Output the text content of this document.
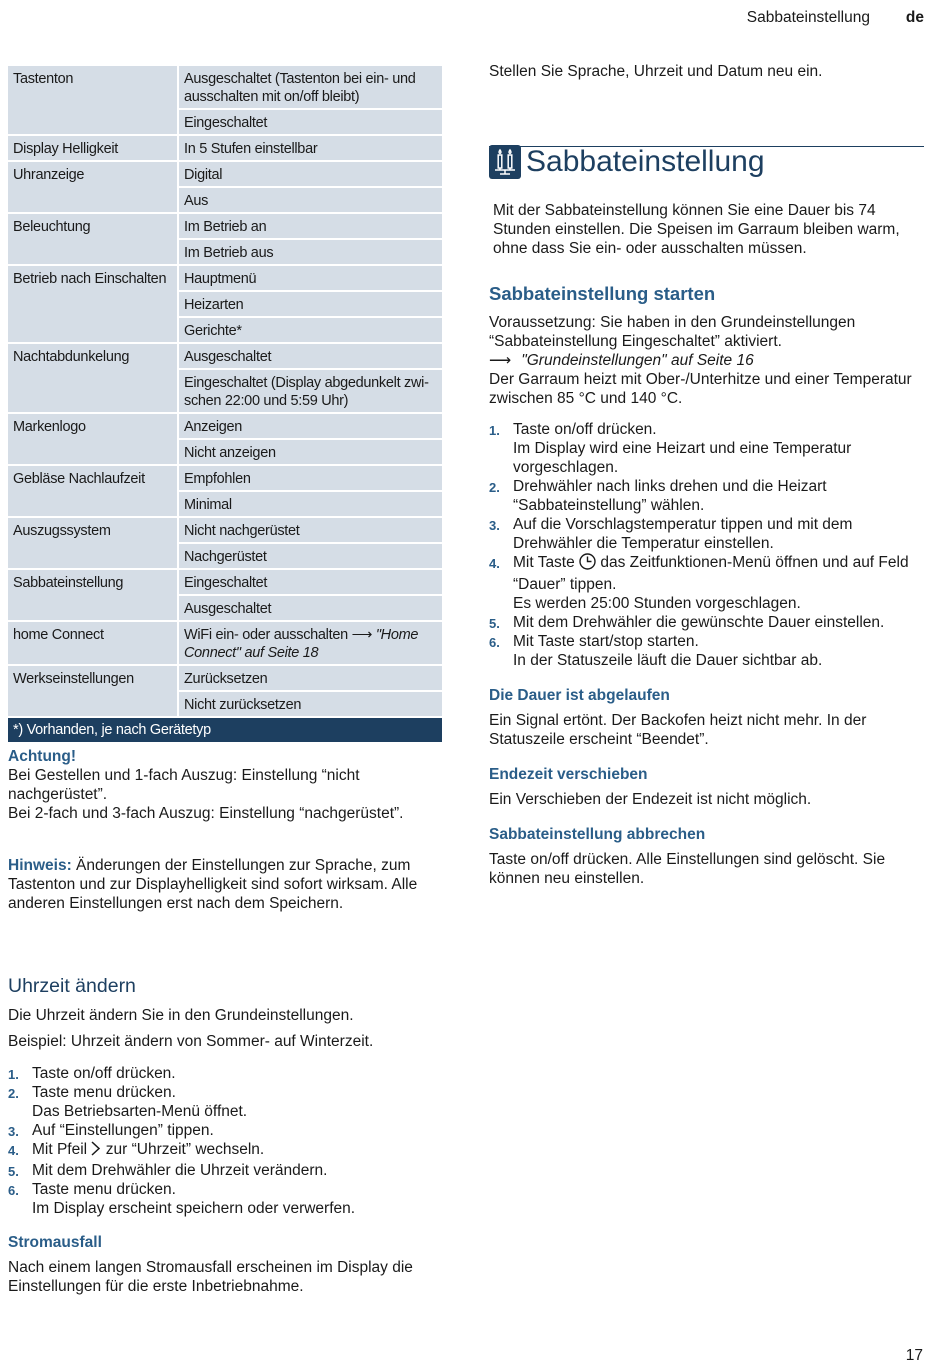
Sabbateinstellung de
Tastenton	Ausgeschaltet (Tastenton bei ein- und ausschalten mit on/off bleibt)
Eingeschaltet
Display Helligkeit	In 5 Stufen einstellbar
Uhranzeige	Digital
Aus
Beleuchtung	Im Betrieb an
Im Betrieb aus
Betrieb nach Einschalten	Hauptmenü
Heizarten
Gerichte*
Nachtabdunkelung	Ausgeschaltet
Eingeschaltet (Display abgedunkelt zwi-schen 22:00 und 5:59 Uhr)
Markenlogo	Anzeigen
Nicht anzeigen
Gebläse Nachlaufzeit	Empfohlen
Minimal
Auszugssystem	Nicht nachgerüstet
Nachgerüstet
Sabbateinstellung	Eingeschaltet
Ausgeschaltet
home Connect	WiFi ein- oder ausschalten ⟶ "Home Connect" auf Seite 18
Werkseinstellungen	Zurücksetzen
Nicht zurücksetzen
*) Vorhanden, je nach Gerätetyp
Achtung!
Bei Gestellen und 1-fach Auszug: Einstellung “nicht nachgerüstet”.
Bei 2-fach und 3-fach Auszug: Einstellung “nachgerüstet”.
Hinweis: Änderungen der Einstellungen zur Sprache, zum Tastenton und zur Displayhelligkeit sind sofort wirksam. Alle anderen Einstellungen erst nach dem Speichern.
Uhrzeit ändern
Die Uhrzeit ändern Sie in den Grundeinstellungen.
Beispiel: Uhrzeit ändern von Sommer- auf Winterzeit.
1. Taste on/off drücken.
2. Taste menu drücken.
Das Betriebsarten-Menü öffnet.
3. Auf “Einstellungen” tippen.
4. Mit Pfeil zur “Uhrzeit” wechseln.
5. Mit dem Drehwähler die Uhrzeit verändern.
6. Taste menu drücken.
Im Display erscheint speichern oder verwerfen.
Stromausfall
Nach einem langen Stromausfall erscheinen im Display die Einstellungen für die erste Inbetriebnahme.
Stellen Sie Sprache, Uhrzeit und Datum neu ein.
Sabbateinstellung
Mit der Sabbateinstellung können Sie eine Dauer bis 74 Stunden einstellen. Die Speisen im Garraum bleiben warm, ohne dass Sie ein- oder ausschalten müssen.
Sabbateinstellung starten
Voraussetzung: Sie haben in den Grundeinstellungen “Sabbateinstellung Eingeschaltet” aktiviert.
⟶ "Grundeinstellungen" auf Seite 16
Der Garraum heizt mit Ober-/Unterhitze und einer Temperatur zwischen 85 °C und 140 °C.
1. Taste on/off drücken.
Im Display wird eine Heizart und eine Temperatur vorgeschlagen.
2. Drehwähler nach links drehen und die Heizart “Sabbateinstellung” wählen.
3. Auf die Vorschlagstemperatur tippen und mit dem Drehwähler die Temperatur einstellen.
4. Mit Taste das Zeitfunktionen-Menü öffnen und auf Feld “Dauer” tippen.
Es werden 25:00 Stunden vorgeschlagen.
5. Mit dem Drehwähler die gewünschte Dauer einstellen.
6. Mit Taste start/stop starten.
In der Statuszeile läuft die Dauer sichtbar ab.
Die Dauer ist abgelaufen
Ein Signal ertönt. Der Backofen heizt nicht mehr. In der Statuszeile erscheint “Beendet”.
Endezeit verschieben
Ein Verschieben der Endezeit ist nicht möglich.
Sabbateinstellung abbrechen
Taste on/off drücken. Alle Einstellungen sind gelöscht. Sie können neu einstellen.
17
